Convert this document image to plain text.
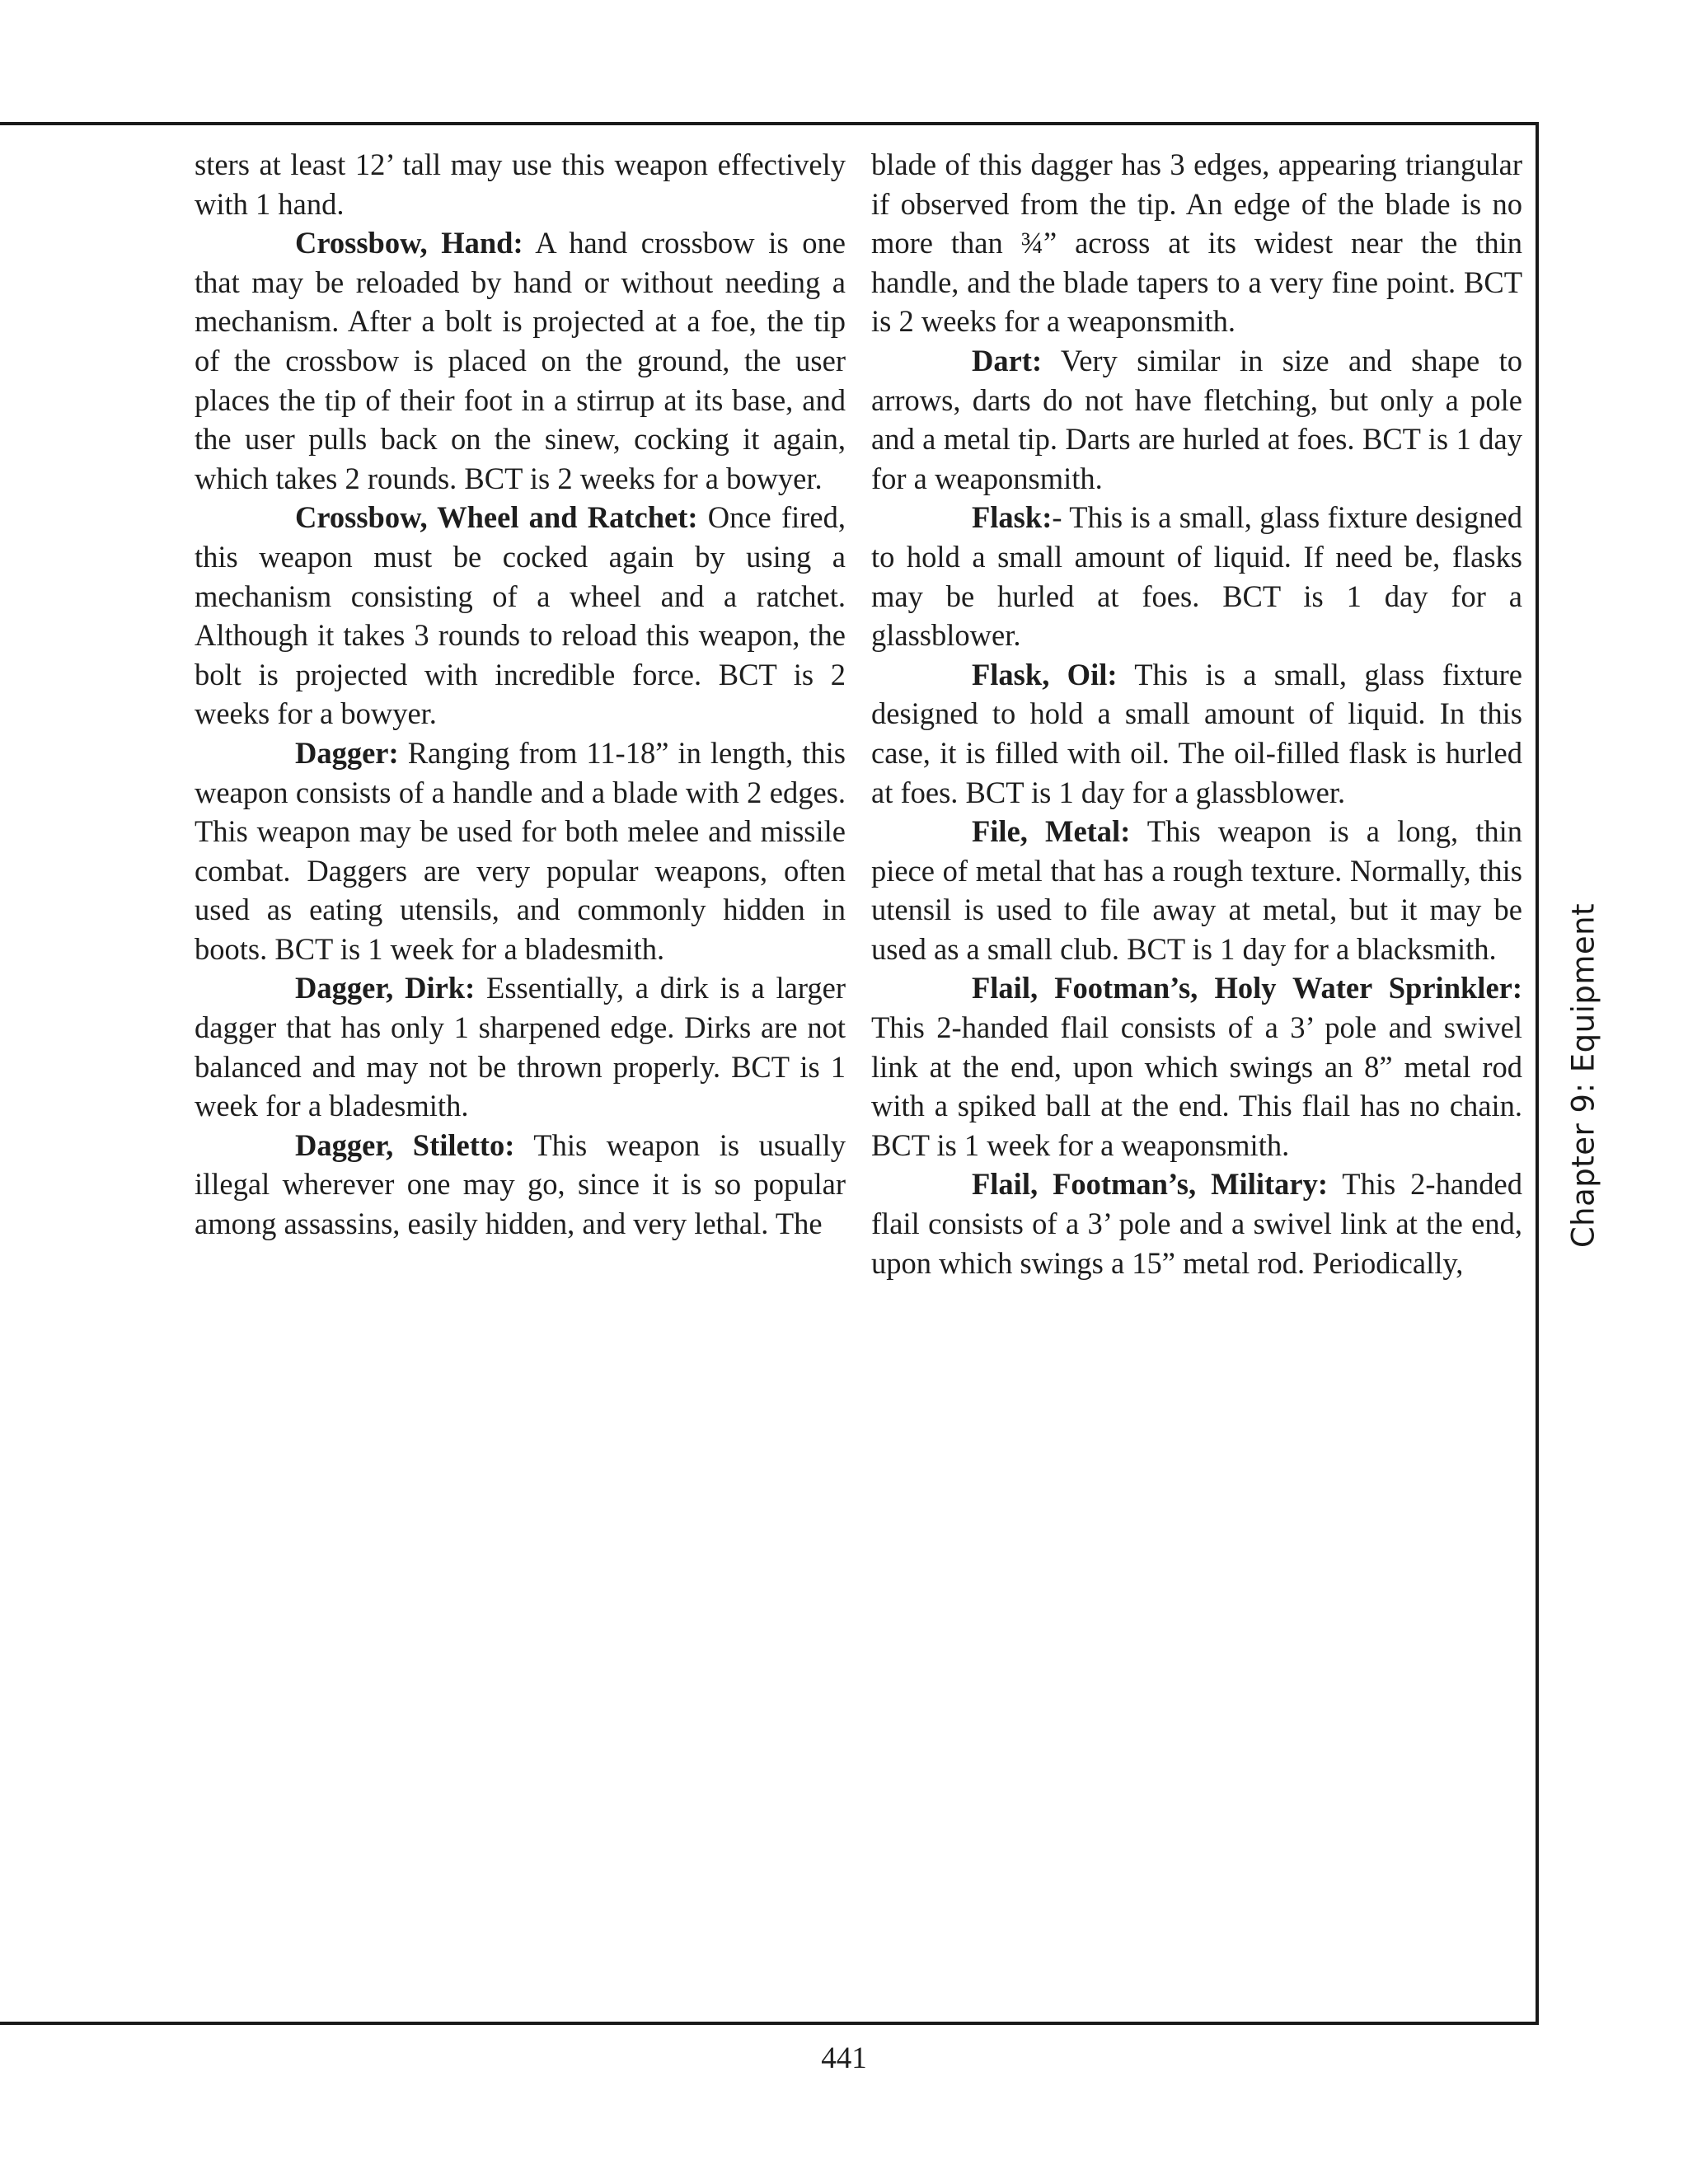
sters at least 12’ tall may use this weapon effectively with 1 hand.

Crossbow, Hand: A hand crossbow is one that may be reloaded by hand or without needing a mechanism. After a bolt is projected at a foe, the tip of the crossbow is placed on the ground, the user places the tip of their foot in a stirrup at its base, and the user pulls back on the sinew, cocking it again, which takes 2 rounds. BCT is 2 weeks for a bowyer.

Crossbow, Wheel and Ratchet: Once fired, this weapon must be cocked again by using a mechanism consisting of a wheel and a ratchet. Although it takes 3 rounds to reload this weapon, the bolt is projected with incredible force. BCT is 2 weeks for a bowyer.

Dagger: Ranging from 11-18” in length, this weapon consists of a handle and a blade with 2 edges. This weapon may be used for both melee and missile combat. Daggers are very popular weapons, often used as eating utensils, and commonly hidden in boots. BCT is 1 week for a bladesmith.

Dagger, Dirk: Essentially, a dirk is a larger dagger that has only 1 sharpened edge. Dirks are not balanced and may not be thrown properly. BCT is 1 week for a bladesmith.

Dagger, Stiletto: This weapon is usually illegal wherever one may go, since it is so popular among assassins, easily hidden, and very lethal. The

blade of this dagger has 3 edges, appearing triangular if observed from the tip. An edge of the blade is no more than ¾” across at its widest near the thin handle, and the blade tapers to a very fine point. BCT is 2 weeks for a weaponsmith.

Dart: Very similar in size and shape to arrows, darts do not have fletching, but only a pole and a metal tip. Darts are hurled at foes. BCT is 1 day for a weaponsmith.

Flask:- This is a small, glass fixture designed to hold a small amount of liquid. If need be, flasks may be hurled at foes. BCT is 1 day for a glassblower.

Flask, Oil: This is a small, glass fixture designed to hold a small amount of liquid. In this case, it is filled with oil. The oil-filled flask is hurled at foes. BCT is 1 day for a glassblower.

File, Metal: This weapon is a long, thin piece of metal that has a rough texture. Normally, this utensil is used to file away at metal, but it may be used as a small club. BCT is 1 day for a blacksmith.

Flail, Footman’s, Holy Water Sprinkler: This 2-handed flail consists of a 3’ pole and swivel link at the end, upon which swings an 8” metal rod with a spiked ball at the end. This flail has no chain. BCT is 1 week for a weaponsmith.

Flail, Footman’s, Military: This 2-handed flail consists of a 3’ pole and a swivel link at the end, upon which swings a 15” metal rod. Periodically,

Chapter 9: Equipment
441
